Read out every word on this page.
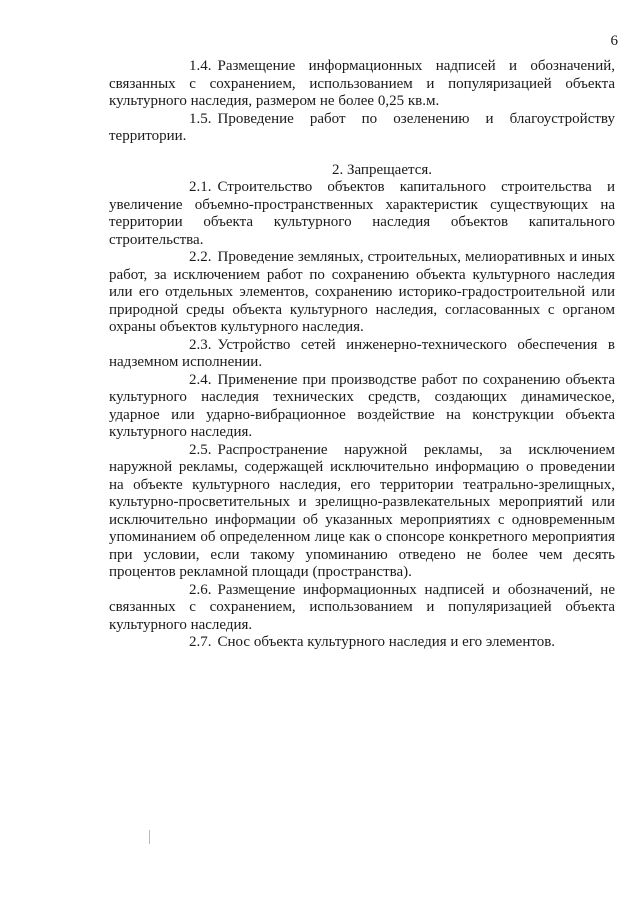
6

1.4. Размещение информационных надписей и обозначений, связанных с сохранением, использованием и популяризацией объекта культурного наследия, размером не более 0,25 кв.м.

1.5. Проведение работ по озеленению и благоустройству территории.

2. Запрещается.

2.1. Строительство объектов капитального строительства и увеличение объемно-пространственных характеристик существующих на территории объекта культурного наследия объектов капитального строительства.

2.2. Проведение земляных, строительных, мелиоративных и иных работ, за исключением работ по сохранению объекта культурного наследия или его отдельных элементов, сохранению историко-градостроительной или природной среды объекта культурного наследия, согласованных с органом охраны объектов культурного наследия.

2.3. Устройство сетей инженерно-технического обеспечения в надземном исполнении.

2.4. Применение при производстве работ по сохранению объекта культурного наследия технических средств, создающих динамическое, ударное или ударно-вибрационное воздействие на конструкции объекта культурного наследия.

2.5. Распространение наружной рекламы, за исключением наружной рекламы, содержащей исключительно информацию о проведении на объекте культурного наследия, его территории театрально-зрелищных, культурно-просветительных и зрелищно-развлекательных мероприятий или исключительно информации об указанных мероприятиях с одновременным упоминанием об определенном лице как о спонсоре конкретного мероприятия при условии, если такому упоминанию отведено не более чем десять процентов рекламной площади (пространства).

2.6. Размещение информационных надписей и обозначений, не связанных с сохранением, использованием и популяризацией объекта культурного наследия.

2.7. Снос объекта культурного наследия и его элементов.
